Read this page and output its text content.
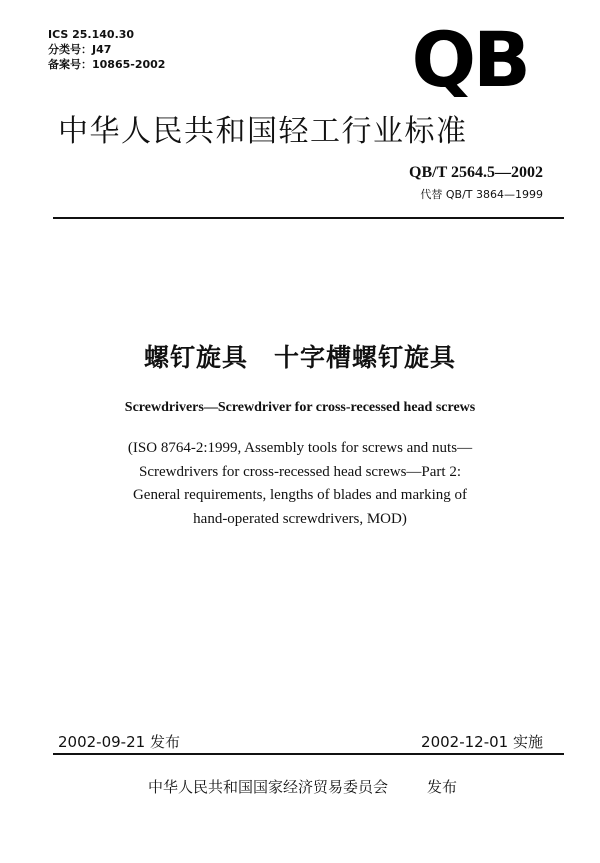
ICS 25.140.30
分类号：J47
备案号：10865-2002	QB
中华人民共和国轻工行业标准
QB/T 2564.5—2002
代替 QB/T 3864—1999
螺钉旋具　十字槽螺钉旋具
Screwdrivers—Screwdriver for cross-recessed head screws
(ISO 8764-2:1999, Assembly tools for screws and nuts—
Screwdrivers for cross-recessed head screws—Part 2:
General requirements, lengths of blades and marking of
hand-operated screwdrivers, MOD)
2002-09-21 发布	2002-12-01 实施
中华人民共和国国家经济贸易委员会	发布
